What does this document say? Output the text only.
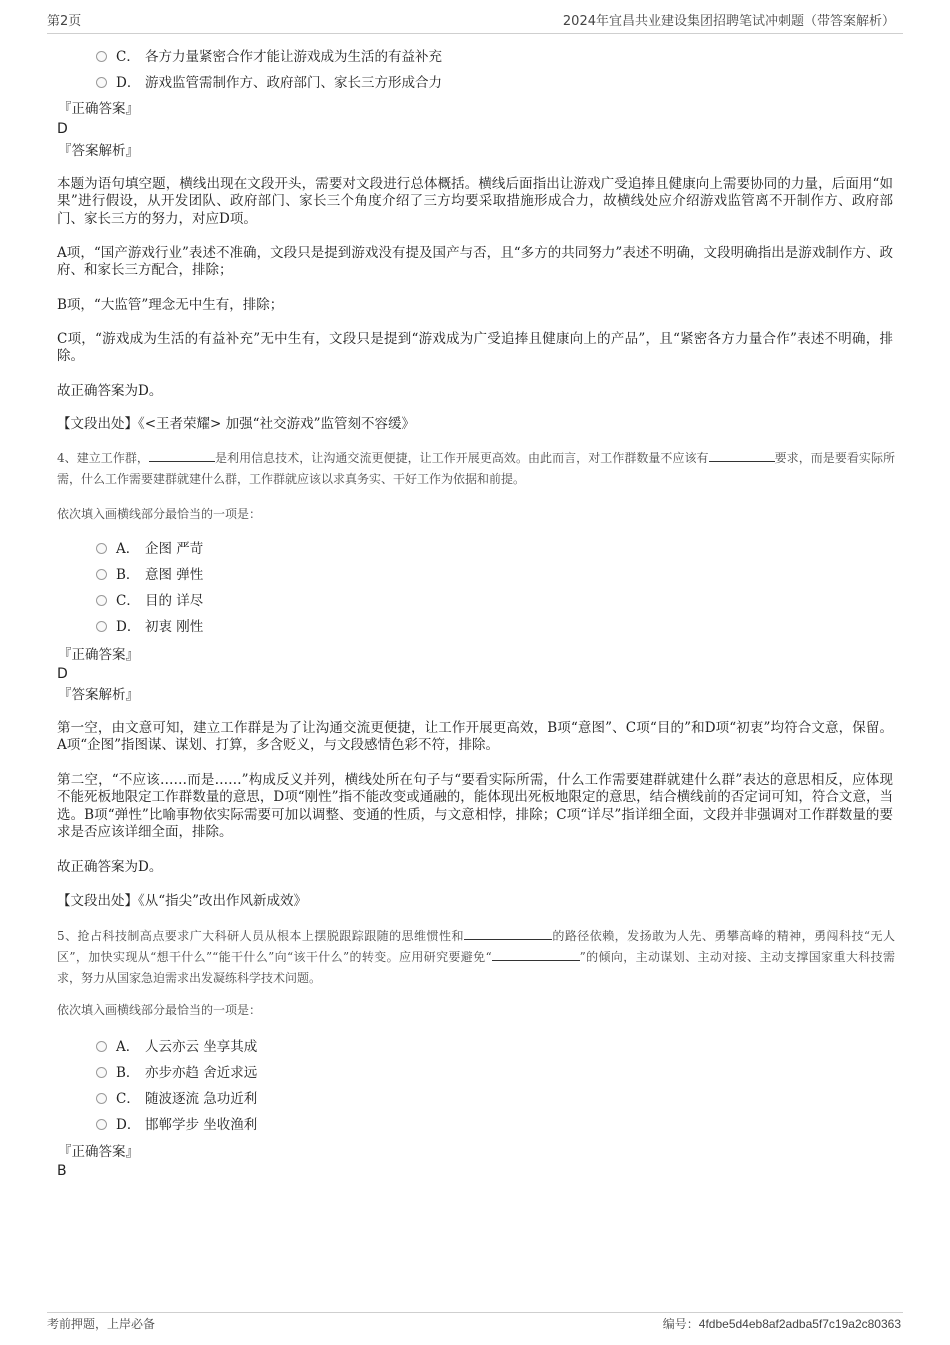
第2页	2024年宜昌共业建设集团招聘笔试冲刺题（带答案解析）
C． 各方力量紧密合作才能让游戏成为生活的有益补充
D． 游戏监管需制作方、政府部门、家长三方形成合力
『正确答案』
D
『答案解析』

本题为语句填空题，横线出现在文段开头，需要对文段进行总体概括。横线后面指出让游戏广受追捧且健康向上需要协同的力量，后面用“如果”进行假设，从开发团队、政府部门、家长三个角度介绍了三方均要采取措施形成合力，故横线处应介绍游戏监管离不开制作方、政府部门、家长三方的努力，对应D项。

A项，“国产游戏行业”表述不准确，文段只是提到游戏没有提及国产与否，且“多方的共同努力”表述不明确，文段明确指出是游戏制作方、政府、和家长三方配合，排除；

B项，“大监管”理念无中生有，排除；

C项，“游戏成为生活的有益补充”无中生有，文段只是提到“游戏成为广受追捧且健康向上的产品”，且“紧密各方力量合作”表述不明确，排除。

故正确答案为D。

【文段出处】《<王者荣耀> 加强“社交游戏”监管刻不容缓》

4、建立工作群，	是利用信息技术，让沟通交流更便捷，让工作开展更高效。由此而言，对工作群数量不应该有	要求，而是要看实际所需，什么工作需要建群就建什么群，工作群就应该以求真务实、干好工作为依据和前提。

依次填入画横线部分最恰当的一项是：
A． 企图 严苛
B． 意图 弹性
C． 目的 详尽
D． 初衷 刚性
『正确答案』
D
『答案解析』

第一空，由文意可知，建立工作群是为了让沟通交流更便捷，让工作开展更高效，B项“意图”、C项“目的”和D项“初衷”均符合文意，保留。A项“企图”指图谋、谋划、打算，多含贬义，与文段感情色彩不符，排除。

第二空，“不应该……而是……”构成反义并列，横线处所在句子与“要看实际所需，什么工作需要建群就建什么群”表达的意思相反，应体现不能死板地限定工作群数量的意思，D项“刚性”指不能改变或通融的，能体现出死板地限定的意思，结合横线前的否定词可知，符合文意，当选。B项“弹性”比喻事物依实际需要可加以调整、变通的性质，与文意相悖，排除；C项“详尽”指详细全面，文段并非强调对工作群数量的要求是否应该详细全面，排除。

故正确答案为D。

【文段出处】《从“指尖”改出作风新成效》

5、抢占科技制高点要求广大科研人员从根本上摆脱跟踪跟随的思维惯性和	的路径依赖，发扬敢为人先、勇攀高峰的精神，勇闯科技“无人区”，加快实现从“想干什么”“能干什么”向“该干什么”的转变。应用研究要避免“	”的倾向，主动谋划、主动对接、主动支撑国家重大科技需求，努力从国家急迫需求出发凝练科学技术问题。

依次填入画横线部分最恰当的一项是：
A． 人云亦云 坐享其成
B． 亦步亦趋 舍近求远
C． 随波逐流 急功近利
D． 邯郸学步 坐收渔利
『正确答案』
B
考前押题，上岸必备	编号：4fdbe5d4eb8af2adba5f7c19a2c80363
